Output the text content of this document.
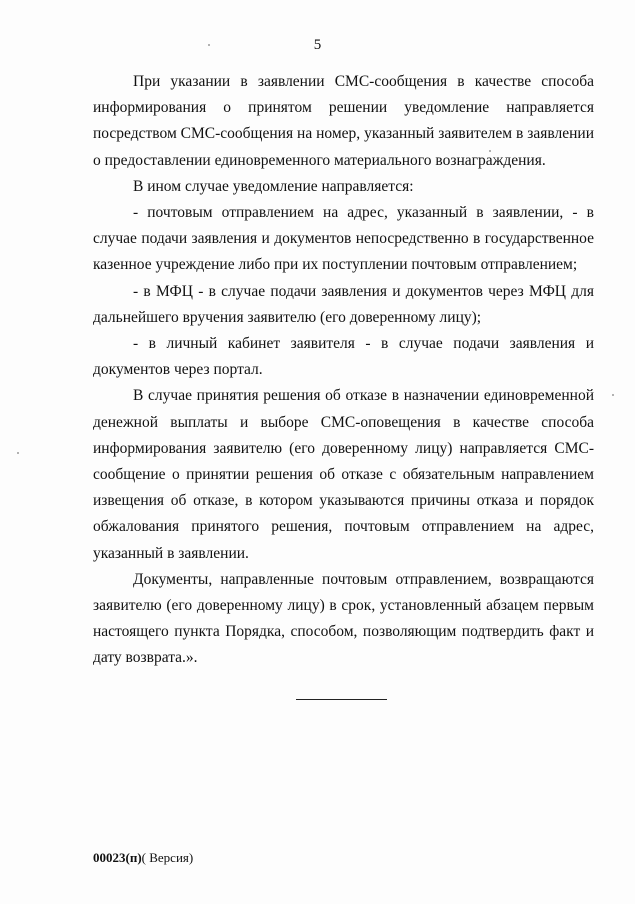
5

При указании в заявлении СМС-сообщения в качестве способа информирования о принятом решении уведомление направляется посредством СМС-сообщения на номер, указанный заявителем в заявлении о предоставлении единовременного материального вознаграждения.

В ином случае уведомление направляется:

- почтовым отправлением на адрес, указанный в заявлении, - в случае подачи заявления и документов непосредственно в государственное казенное учреждение либо при их поступлении почтовым отправлением;

- в МФЦ - в случае подачи заявления и документов через МФЦ для дальнейшего вручения заявителю (его доверенному лицу);

- в личный кабинет заявителя - в случае подачи заявления и документов через портал.

В случае принятия решения об отказе в назначении единовременной денежной выплаты и выборе СМС-оповещения в качестве способа информирования заявителю (его доверенному лицу) направляется СМС-сообщение о принятии решения об отказе с обязательным направлением извещения об отказе, в котором указываются причины отказа и порядок обжалования принятого решения, почтовым отправлением на адрес, указанный в заявлении.

Документы, направленные почтовым отправлением, возвращаются заявителю (его доверенному лицу) в срок, установленный абзацем первым настоящего пункта Порядка, способом, позволяющим подтвердить факт и дату возврата.».

00023(п)( Версия)
